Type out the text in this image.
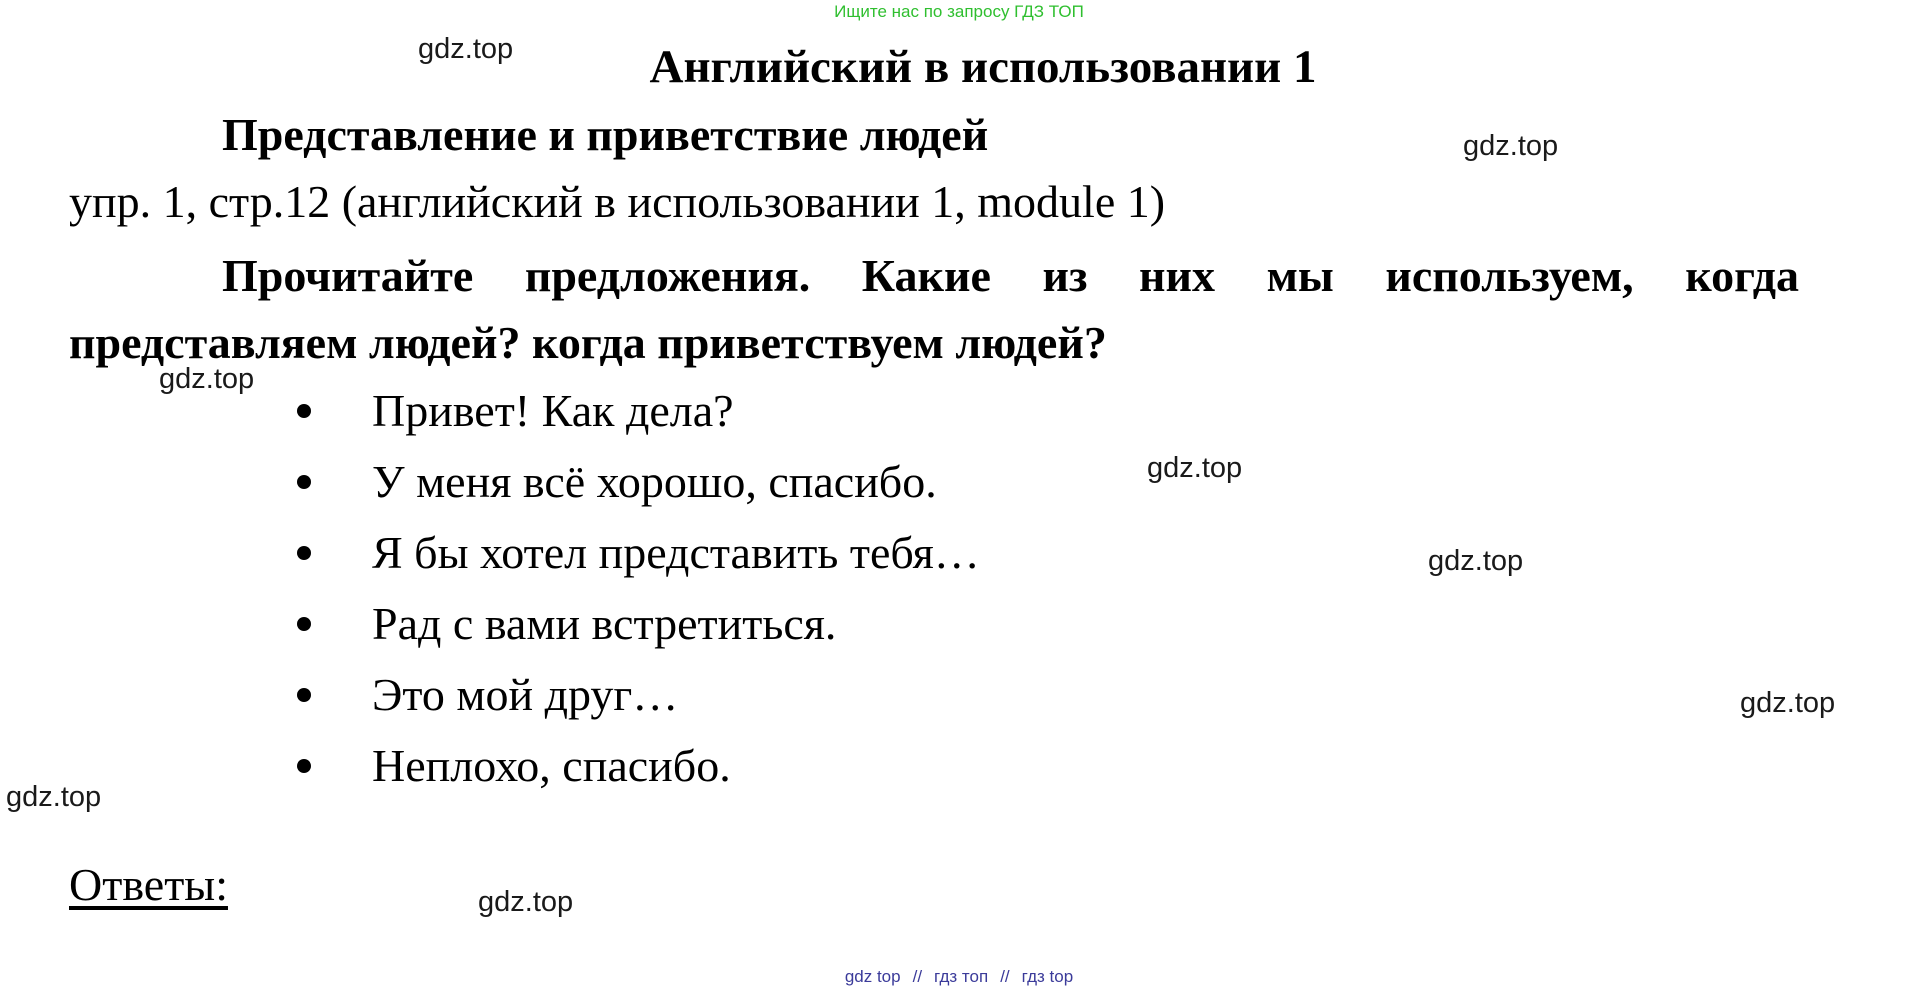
Ищите нас по запросу ГДЗ ТОП
Английский в использовании 1
Представление и приветствие людей
упр. 1, стр.12 (английский в использовании 1, module 1)
Прочитайте предложения. Какие из них мы используем, когда
представляем людей? когда приветствуем людей?
Привет! Как дела?
У меня всё хорошо, спасибо.
Я бы хотел представить тебя…
Рад с вами встретиться.
Это мой друг…
Неплохо, спасибо.
Ответы:
gdz.top
gdz.top
gdz.top
gdz.top
gdz.top
gdz.top
gdz.top
gdz.top
gdz top // гдз топ // гдз top
